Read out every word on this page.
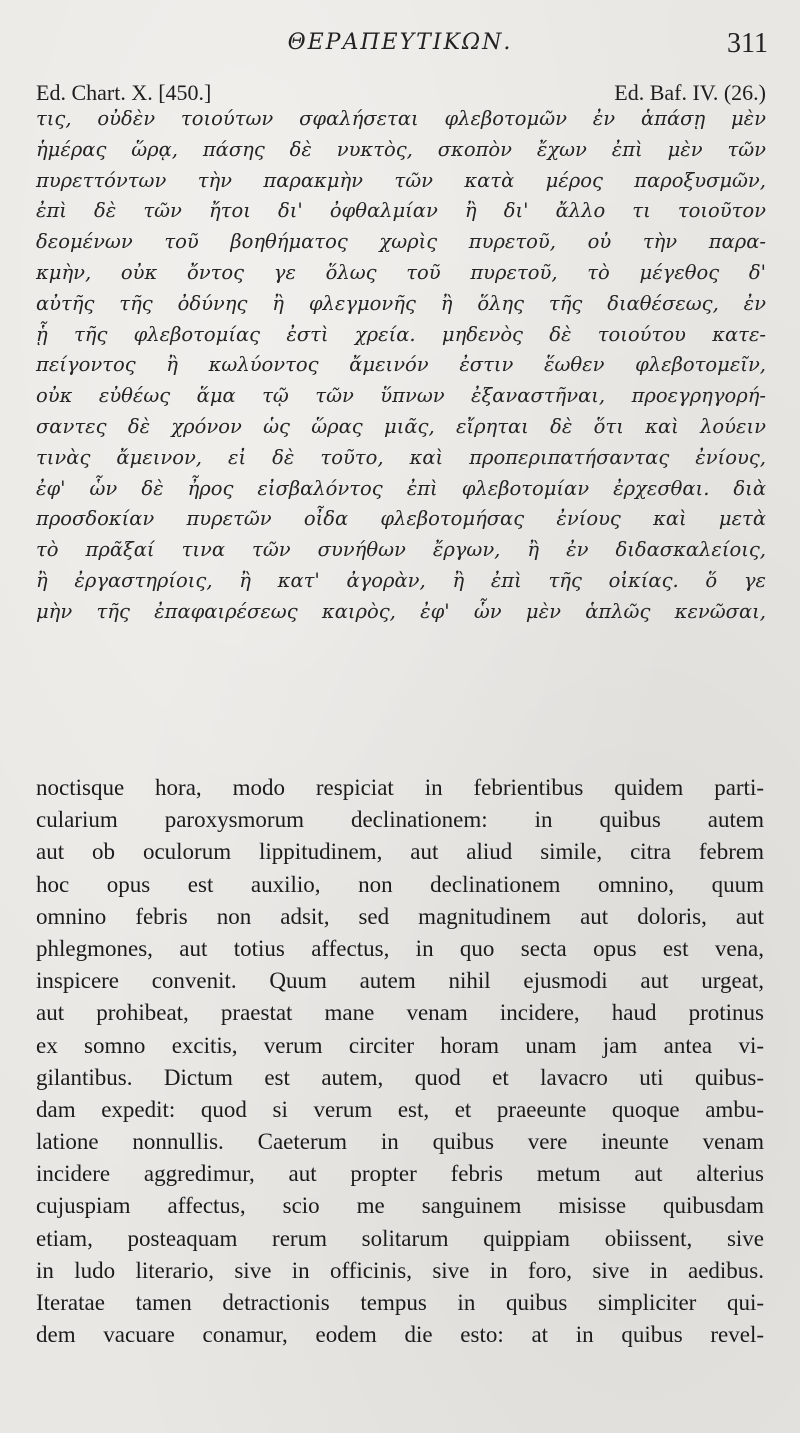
ΘΕΡΑΠΕΥΤΙΚΩΝ.	311
Ed. Chart. X. [450.]	Ed. Baf. IV. (26.)
τις, οὐδὲν τοιούτων σφαλήσεται φλεβοτομῶν ἐν ἁπάσῃ μὲν
ἡμέρας ὥρᾳ, πάσης δὲ νυκτὸς, σκοπὸν ἔχων ἐπὶ μὲν τῶν
πυρεττόντων τὴν παρακμὴν τῶν κατὰ μέρος παροξυσμῶν,
ἐπὶ δὲ τῶν ἤτοι δι' ὀφθαλμίαν ἢ δι' ἄλλο τι τοιοῦτον
δεομένων τοῦ βοηθήματος χωρὶς πυρετοῦ, οὐ τὴν παρα-
κμὴν, οὐκ ὄντος γε ὅλως τοῦ πυρετοῦ, τὸ μέγεθος δ'
αὐτῆς τῆς ὀδύνης ἢ φλεγμονῆς ἢ ὅλης τῆς διαθέσεως, ἐν
ᾗ τῆς φλεβοτομίας ἐστὶ χρεία. μηδενὸς δὲ τοιούτου κατε-
πείγοντος ἢ κωλύοντος ἄμεινόν ἐστιν ἕωθεν φλεβοτομεῖν,
οὐκ εὐθέως ἅμα τῷ τῶν ὕπνων ἐξαναστῆναι, προεγρηγορή-
σαντες δὲ χρόνον ὡς ὥρας μιᾶς, εἴρηται δὲ ὅτι καὶ λούειν
τινὰς ἄμεινον, εἰ δὲ τοῦτο, καὶ προπεριπατήσαντας ἐνίους,
ἐφ' ὧν δὲ ἦρος εἰσβαλόντος ἐπὶ φλεβοτομίαν ἐρχεσθαι. διὰ
προσδοκίαν πυρετῶν οἶδα φλεβοτομήσας ἐνίους καὶ μετὰ
τὸ πρᾶξαί τινα τῶν συνήθων ἔργων, ἢ ἐν διδασκαλείοις,
ἢ ἐργαστηρίοις, ἢ κατ' ἀγορὰν, ἢ ἐπὶ τῆς οἰκίας. ὅ γε
μὴν τῆς ἐπαφαιρέσεως καιρὸς, ἐφ' ὧν μὲν ἁπλῶς κενῶσαι,
noctisque hora, modo respiciat in febrientibus quidem parti-
cularium paroxysmorum declinationem: in quibus autem
aut ob oculorum lippitudinem, aut aliud simile, citra febrem
hoc opus est auxilio, non declinationem omnino, quum
omnino febris non adsit, sed magnitudinem aut doloris, aut
phlegmones, aut totius affectus, in quo secta opus est vena,
inspicere convenit. Quum autem nihil ejusmodi aut urgeat,
aut prohibeat, praestat mane venam incidere, haud protinus
ex somno excitis, verum circiter horam unam jam antea vi-
gilantibus. Dictum est autem, quod et lavacro uti quibus-
dam expedit: quod si verum est, et praeeunte quoque ambu-
latione nonnullis. Caeterum in quibus vere ineunte venam
incidere aggredimur, aut propter febris metum aut alterius
cujuspiam affectus, scio me sanguinem misisse quibusdam
etiam, posteaquam rerum solitarum quippiam obiissent, sive
in ludo literario, sive in officinis, sive in foro, sive in aedibus.
Iteratae tamen detractionis tempus in quibus simpliciter qui-
dem vacuare conamur, eodem die esto: at in quibus revel-
